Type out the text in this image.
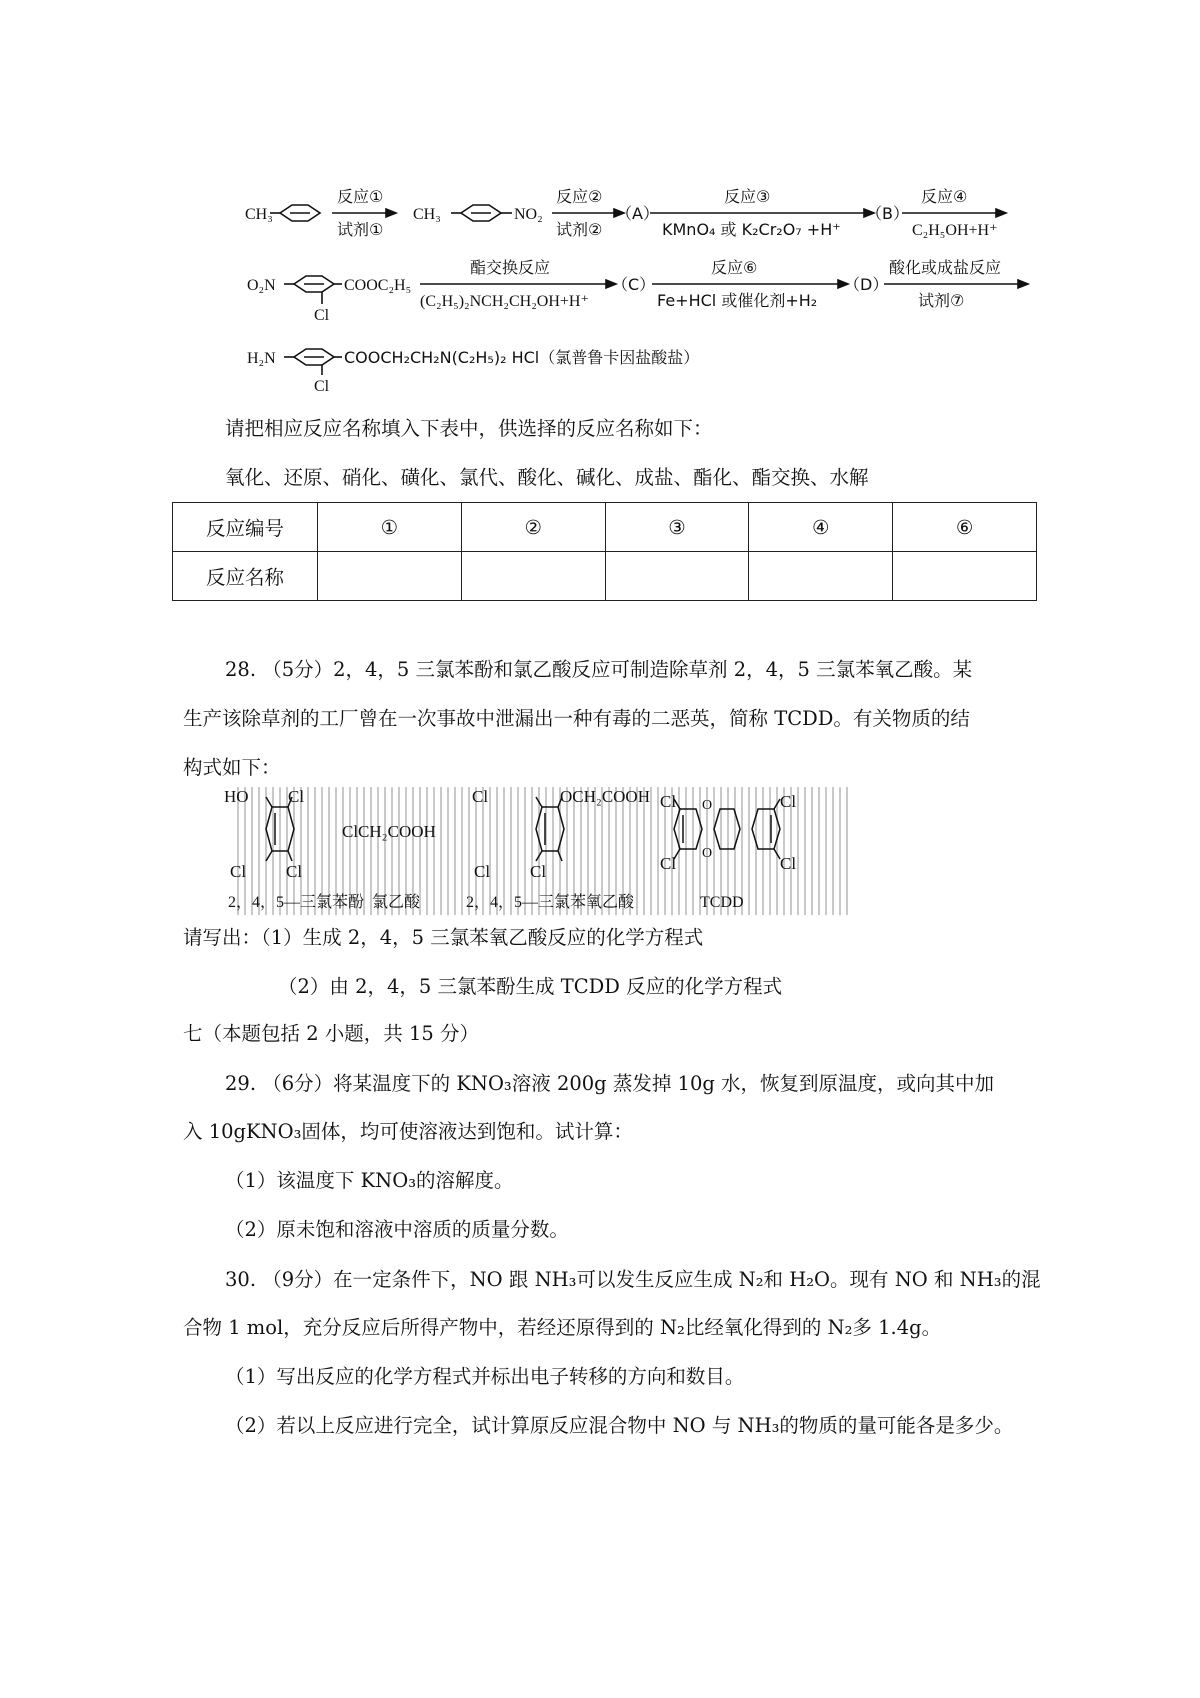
CH₃
反应①
试剂①
CH₃	NO₂
反应②
试剂②
（A）
反应③
KMnO₄ 或 K₂Cr₂O₇ +H⁺
（B）
反应④
C₂H₅OH+H⁺
O₂N	COOC₂H₅
Cl
酯交换反应
(C₂H₅)₂NCH₂CH₂OH+H⁺
（C）
反应⑥
Fe+HCl 或催化剂+H₂
（D）
酸化或成盐反应
试剂⑦
H₂N	COOCH₂CH₂N(C₂H₅)₂ HCl（氯普鲁卡因盐酸盐）
Cl
请把相应反应名称填入下表中，供选择的反应名称如下：
氧化、还原、硝化、磺化、氯代、酸化、碱化、成盐、酯化、酯交换、水解
反应编号	①	②	③	④	⑥
反应名称					
28. （5分）2，4，5 三氯苯酚和氯乙酸反应可制造除草剂 2，4，5 三氯苯氧乙酸。某
生产该除草剂的工厂曾在一次事故中泄漏出一种有毒的二恶英，简称 TCDD。有关物质的结
构式如下：
HO Cl
Cl Cl
ClCH₂COOH
Cl	OCH₂COOH
Cl Cl
Cl
Cl
Cl
Cl
O
O
2，4，5—三氯苯酚 氯乙酸	2，4，5—三氯苯氧乙酸	TCDD
请写出：（1）生成 2，4，5 三氯苯氧乙酸反应的化学方程式
（2）由 2，4，5 三氯苯酚生成 TCDD 反应的化学方程式
七（本题包括 2 小题，共 15 分）
29. （6分）将某温度下的 KNO₃溶液 200g 蒸发掉 10g 水，恢复到原温度，或向其中加
入 10gKNO₃固体，均可使溶液达到饱和。试计算：
（1）该温度下 KNO₃的溶解度。
（2）原未饱和溶液中溶质的质量分数。
30. （9分）在一定条件下，NO 跟 NH₃可以发生反应生成 N₂和 H₂O。现有 NO 和 NH₃的混
合物 1 mol，充分反应后所得产物中，若经还原得到的 N₂比经氧化得到的 N₂多 1.4g。
（1）写出反应的化学方程式并标出电子转移的方向和数目。
（2）若以上反应进行完全，试计算原反应混合物中 NO 与 NH₃的物质的量可能各是多少。
